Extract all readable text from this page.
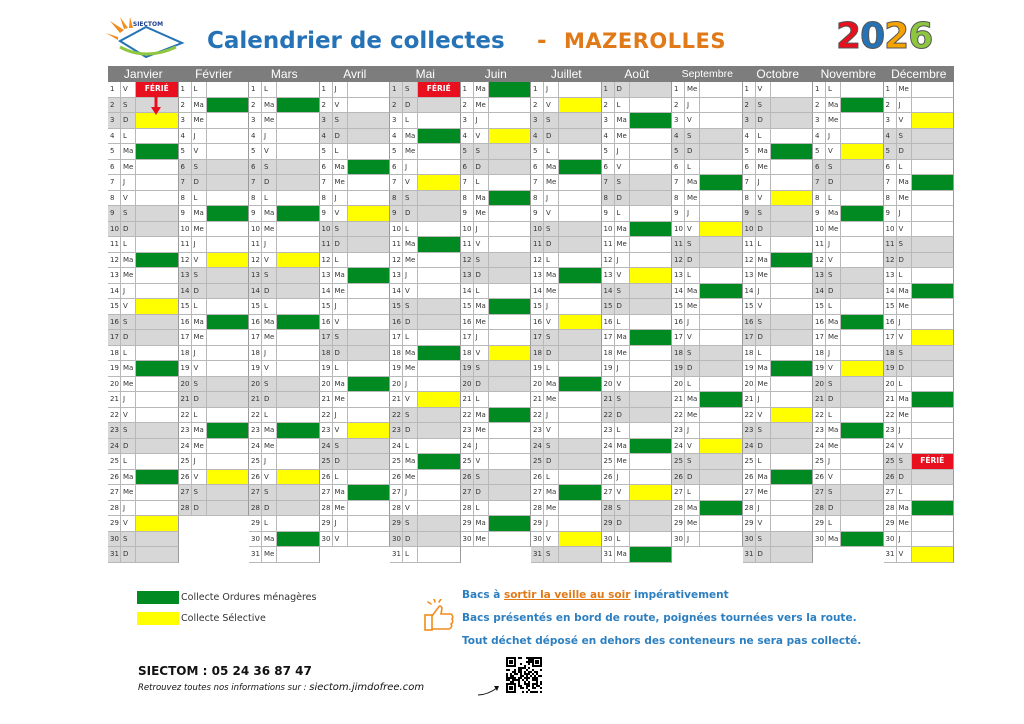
SIECTOM
Calendrier de collectes - MAZEROLLES	2026
Janvier
1	V	FÉRIÉ
2	S
3	D
4	L
5	Ma
6	Me
7	J
8	V
9	S
10 D
11 L
12 Ma
13 Me
14 J
15 V
16 S
17 D
18 L
19 Ma
20 Me
21 J
22 V
23 S
24 D
25 L
26 Ma
27 Me
28 J
29 V
30 S
31 D
Février
1	L
2	Ma
3	Me
4	J
5	V
6	S
7	D
8	L
9	Ma
10 Me
11 J
12 V
13 S
14 D
15 L
16 Ma
17 Me
18 J
19 V
20 S
21 D
22 L
23 Ma
24 Me
25 J
26 V
27 S
28 D
Mars
1	L
2	Ma
3	Me
4	J
5	V
6	S
7	D
8	L
9	Ma
10 Me
11 J
12 V
13 S
14 D
15 L
16 Ma
17 Me
18 J
19 V
20 S
21 D
22 L
23 Ma
24 Me
25 J
26 V
27 S
28 D
29 L
30 Ma
31 Me
Avril
1	J
2	V
3	S
4	D
5	L
6	Ma
7	Me
8	J
9	V
10 S
11 D
12 L
13 Ma
14 Me
15 J
16 V
17 S
18 D
19 L
20 Ma
21 Me
22 J
23 V
24 S
25 D
26 L
27 Ma
28 Me
29 J
30 V
Mai
1	S	FÉRIÉ
2	D
3	L
4	Ma
5	Me
6	J
7	V
8	S
9	D
10 L
11 Ma
12 Me
13 J
14 V
15 S
16 D
17 L
18 Ma
19 Me
20 J
21 V
22 S
23 D
24 L
25 Ma
26 Me
27 J
28 V
29 S
30 D
31 L
Juin
1	Ma
2	Me
3	J
4	V
5	S
6	D
7	L
8	Ma
9	Me
10 J
11 V
12 S
13 D
14 L
15 Ma
16 Me
17 J
18 V
19 S
20 D
21 L
22 Ma
23 Me
24 J
25 V
26 S
27 D
28 L
29 Ma
30 Me
Juillet
1	J
2	V
3	S
4	D
5	L
6	Ma
7	Me
8	J
9	V
10 S
11 D
12 L
13 Ma
14 Me
15 J
16 V
17 S
18 D
19 L
20 Ma
21 Me
22 J
23 V
24 S
25 D
26 L
27 Ma
28 Me
29 J
30 V
31 S
Août
1	D
2	L
3	Ma
4	Me
5	J
6	V
7	S
8	D
9	L
10 Ma
11 Me
12 J
13 V
14 S
15 D
16 L
17 Ma
18 Me
19 J
20 V
21 S
22 D
23 L
24 Ma
25 Me
26 J
27 V
28 S
29 D
30 L
31 Ma
Septembre
1	Me
2	J
3	V
4	S
5	D
6	L
7	Ma
8	Me
9	J
10 V
11 S
12 D
13 L
14 Ma
15 Me
16 J
17 V
18 S
19 D
20 L
21 Ma
22 Me
23 J
24 V
25 S
26 D
27 L
28 Ma
29 Me
30 J
Octobre
1	V
2	S
3	D
4	L
5	Ma
6	Me
7	J
8	V
9	S
10 D
11 L
12 Ma
13 Me
14 J
15 V
16 S
17 D
18 L
19 Ma
20 Me
21 J
22 V
23 S
24 D
25 L
26 Ma
27 Me
28 J
29 V
30 S
31 D
Novembre
1	L
2	Ma
3	Me
4	J
5	V
6	S
7	D
8	L
9	Ma
10 Me
11 J
12 V
13 S
14 D
15 L
16 Ma
17 Me
18 J
19 V
20 S
21 D
22 L
23 Ma
24 Me
25 J
26 V
27 S
28 D
29 L
30 Ma
Décembre
1	Me
2	J
3	V
4	S
5	D
6	L
7	Ma
8	Me
9	J
10 V
11 S
12 D
13 L
14 Ma
15 Me
16 J
17 V
18 S
19 D
20 L
21 Ma
22 Me
23 J
24 V
25 S	FÉRIÉ
26 D
27 L
28 Ma
29 Me
30 J
31 V
Collecte Ordures ménagères
Collecte Sélective
Bacs à sortir la veille au soir impérativement
Bacs présentés en bord de route, poignées tournées vers la route.
Tout déchet déposé en dehors des conteneurs ne sera pas collecté.
SIECTOM : 05 24 36 87 47
Retrouvez toutes nos informations sur : siectom.jimdofree.com
